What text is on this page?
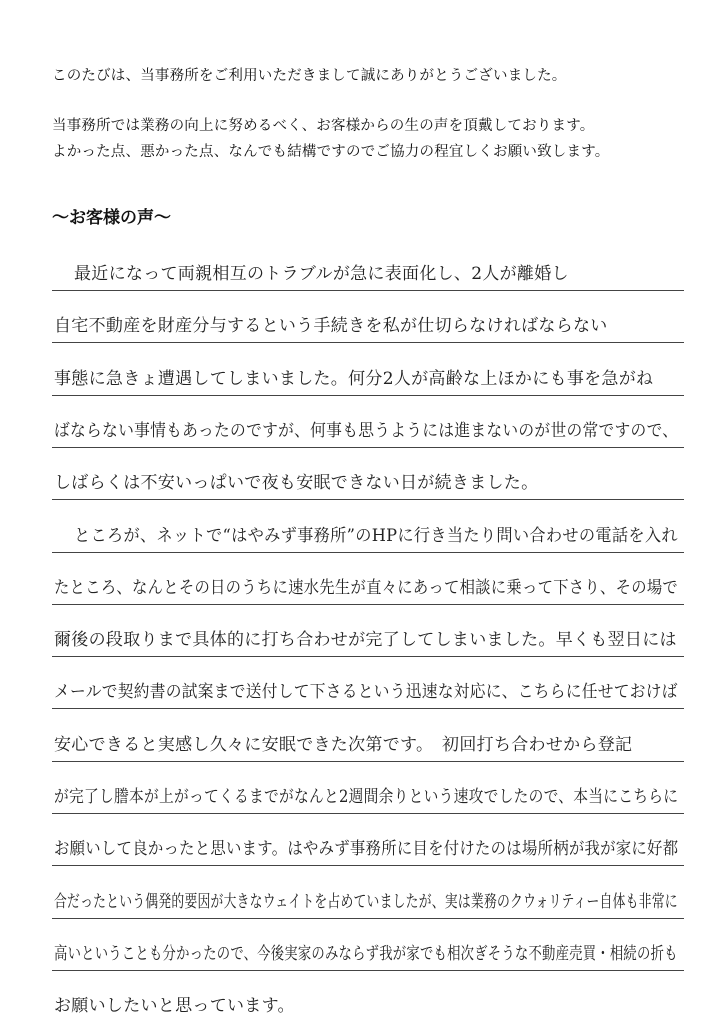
このたびは、当事務所をご利用いただきまして誠にありがとうございました。
当事務所では業務の向上に努めるべく、お客様からの生の声を頂戴しております。
よかった点、悪かった点、なんでも結構ですのでご協力の程宜しくお願い致します。
～お客様の声～
最近になって両親相互のトラブルが急に表面化し、2人が離婚し
自宅不動産を財産分与するという手続きを私が仕切らなければならない
事態に急きょ遭遇してしまいました。何分2人が高齢な上ほかにも事を急がね
ばならない事情もあったのですが、何事も思うようには進まないのが世の常ですので、
しばらくは不安いっぱいで夜も安眠できない日が続きました。
ところが、ネットで“はやみず事務所”のHPに行き当たり問い合わせの電話を入れ
たところ、なんとその日のうちに速水先生が直々にあって相談に乗って下さり、その場で
爾後の段取りまで具体的に打ち合わせが完了してしまいました。早くも翌日には
メールで契約書の試案まで送付して下さるという迅速な対応に、こちらに任せておけば
安心できると実感し久々に安眠できた次第です。　初回打ち合わせから登記
が完了し謄本が上がってくるまでがなんと2週間余りという速攻でしたので、本当にこちらに
お願いして良かったと思います。はやみず事務所に目を付けたのは場所柄が我が家に好都
合だったという偶発的要因が大きなウェイトを占めていましたが、実は業務のクウォリティー自体も非常に
高いということも分かったので、今後実家のみならず我が家でも相次ぎそうな不動産売買・相続の折も
お願いしたいと思っています。
